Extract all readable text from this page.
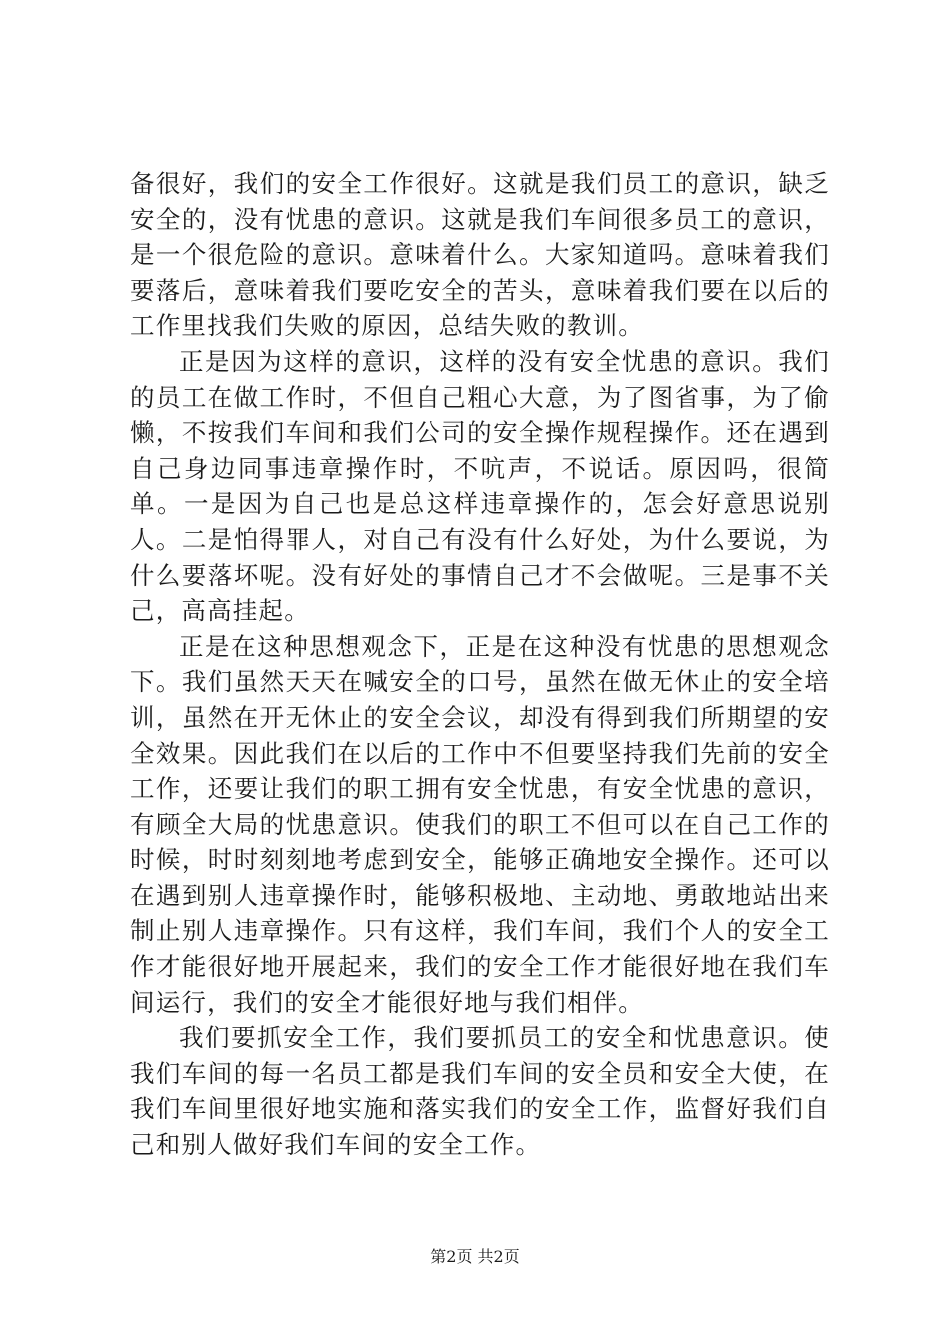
备很好，我们的安全工作很好。这就是我们员工的意识，缺乏安全的，没有忧患的意识。这就是我们车间很多员工的意识，是一个很危险的意识。意味着什么。大家知道吗。意味着我们要落后，意味着我们要吃安全的苦头，意味着我们要在以后的工作里找我们失败的原因，总结失败的教训。

正是因为这样的意识，这样的没有安全忧患的意识。我们的员工在做工作时，不但自己粗心大意，为了图省事，为了偷懒，不按我们车间和我们公司的安全操作规程操作。还在遇到自己身边同事违章操作时，不吭声，不说话。原因吗，很简单。一是因为自己也是总这样违章操作的，怎会好意思说别人。二是怕得罪人，对自己有没有什么好处，为什么要说，为什么要落坏呢。没有好处的事情自己才不会做呢。三是事不关己，高高挂起。

正是在这种思想观念下，正是在这种没有忧患的思想观念下。我们虽然天天在喊安全的口号，虽然在做无休止的安全培训，虽然在开无休止的安全会议，却没有得到我们所期望的安全效果。因此我们在以后的工作中不但要坚持我们先前的安全工作，还要让我们的职工拥有安全忧患，有安全忧患的意识，有顾全大局的忧患意识。使我们的职工不但可以在自己工作的时候，时时刻刻地考虑到安全，能够正确地安全操作。还可以在遇到别人违章操作时，能够积极地、主动地、勇敢地站出来制止别人违章操作。只有这样，我们车间，我们个人的安全工作才能很好地开展起来，我们的安全工作才能很好地在我们车间运行，我们的安全才能很好地与我们相伴。

我们要抓安全工作，我们要抓员工的安全和忧患意识。使我们车间的每一名员工都是我们车间的安全员和安全大使，在我们车间里很好地实施和落实我们的安全工作，监督好我们自己和别人做好我们车间的安全工作。

第2页 共2页
